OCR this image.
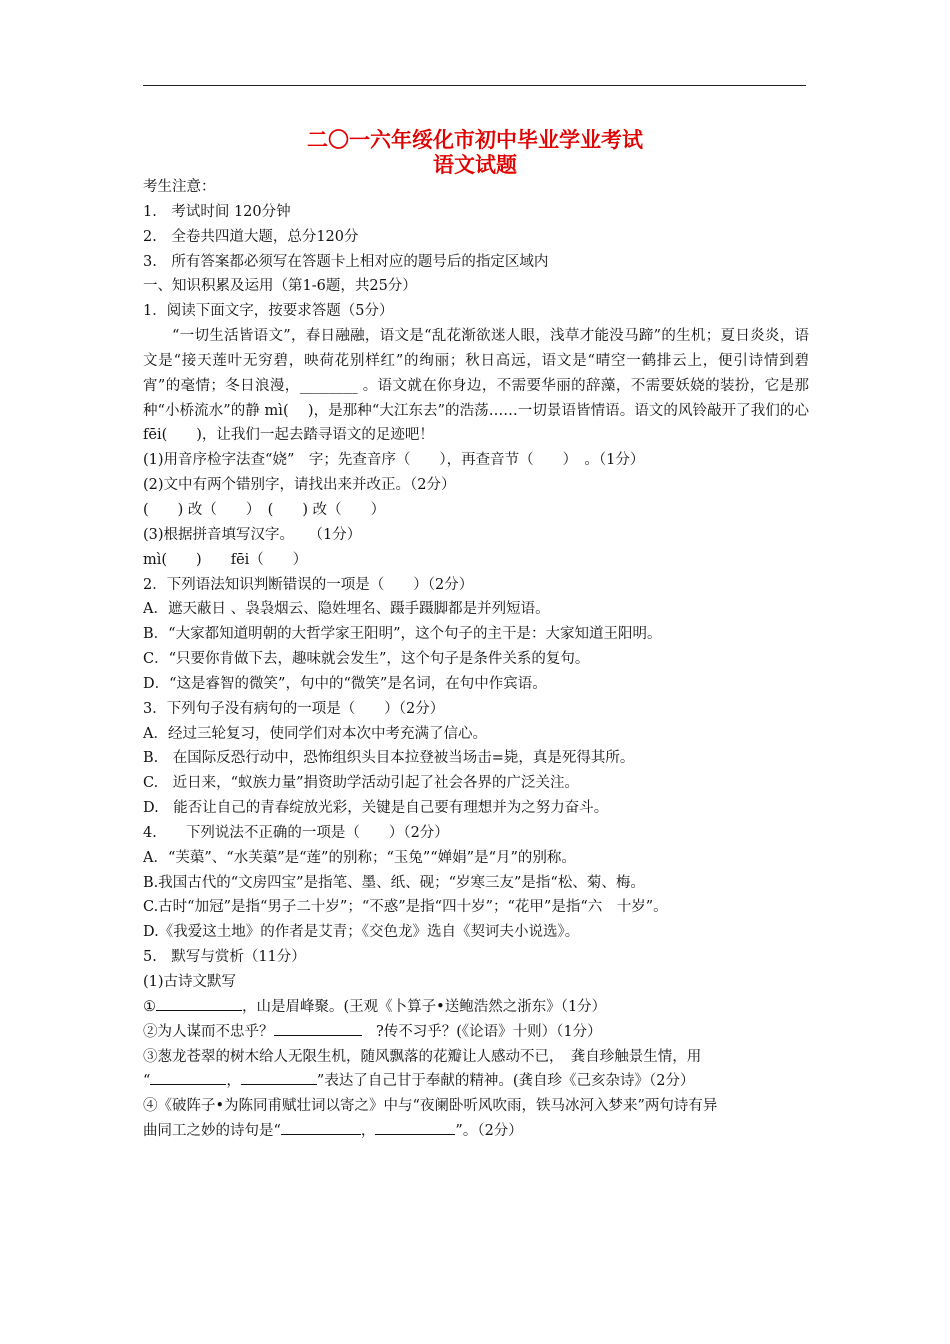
二〇一六年绥化市初中毕业学业考试
语文试题
考生注意：
1.　考试时间 120分钟
2.　全卷共四道大题，总分120分
3.　所有答案都必须写在答题卡上相对应的题号后的指定区域内
一、知识积累及运用（第1-6题，共25分）
1．阅读下面文字，按要求答题（5分）
“一切生活皆语文”，春日融融，语文是“乱花渐欲迷人眼，浅草才能没马蹄”的生机；夏日炎炎，语文是“接天莲叶无穷碧，映荷花别样红”的绚丽；秋日高远，语文是“晴空一鹤排云上，便引诗情到碧宵”的毫情；冬日浪漫，________ 。语文就在你身边，不需要华丽的辞藻，不需要妖娆的装扮，它是那种“小桥流水”的静 mì(　 )，是那种“大江东去”的浩荡……一切景语皆情语。语文的风铃敲开了我们的心 fēi(　　)，让我们一起去踏寻语文的足迹吧！
(1)用音序检字法查“娆”　字；先查音序（　　），再查音节（　　）　。（1分）
(2)文中有两个错别字，请找出来并改正。（2分）
(　　) 改（　　）　(　　) 改（　　）
(3)根据拼音填写汉字。　　（1分）
mì(　　)　　fēi（　　）
2．下列语法知识判断错误的一项是（　　）（2分）
A．遮天蔽日 、袅袅烟云、隐姓埋名、蹑手蹑脚都是并列短语。
B．“大家都知道明朝的大哲学家王阳明”，这个句子的主干是：大家知道王阳明。
C．“只要你肯做下去，趣味就会发生”，这个句子是条件关系的复句。
D．“这是睿智的微笑”，句中的“微笑”是名词，在句中作宾语。
3．下列句子没有病句的一项是（　　）（2分）
A．经过三轮复习，使同学们对本次中考充满了信心。
B.　在国际反恐行动中，恐怖组织头目本拉登被当场击=毙，真是死得其所。
C.　近日来，“蚁族力量”捐资助学活动引起了社会各界的广泛关注。
D.　能否让自己的青春绽放光彩，关键是自己要有理想并为之努力奋斗。
4.　　下列说法不正确的一项是（　　）（2分）
A．“芙蕖”、“水芙蕖”是“莲”的别称；“玉兔”“婵娟”是“月”的别称。
B.我国古代的“文房四宝”是指笔、墨、纸、砚；“岁寒三友”是指“松、菊、梅。
C.古时“加冠”是指“男子二十岁”；“不惑”是指“四十岁”；“花甲”是指“六　十岁”。
D.《我爱这土地》的作者是艾青；《交色龙》选自《契诃夫小说选》。
5.　默写与赏析（11分）
(1)古诗文默写
①	，山是眉峰聚。(王观《卜算子•送鲍浩然之浙东》（1分）
②为人谋而不忠乎？	　?传不习乎？(《论语》十则）（1分）
③葱龙苍翠的树木给人无限生机，随风飘落的花瓣让人感动不已，　龚自珍触景生情，用
“	，	”表达了自己甘于奉献的精神。(龚自珍《己亥杂诗》（2分）
④《破阵子•为陈同甫赋壮词以寄之》中与“夜阑卧听风吹雨，铁马冰河入梦来”两句诗有异
曲同工之妙的诗句是“	，	”。（2分）
